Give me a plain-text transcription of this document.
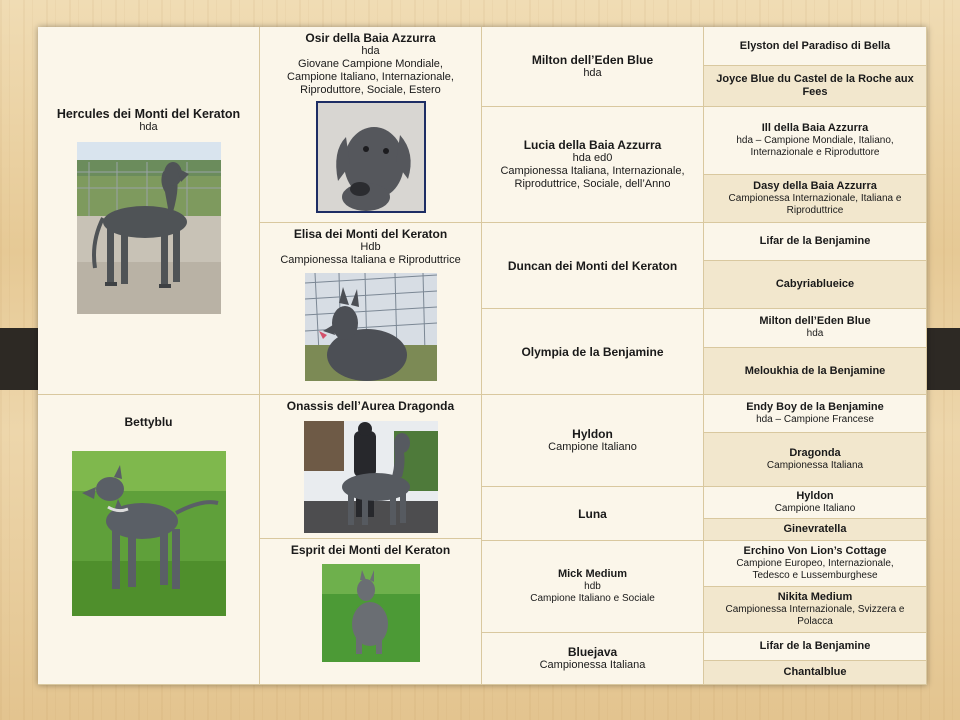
Hercules dei Monti del Keraton
hda
Bettyblu
Osir della Baia Azzurra
hda
Giovane Campione Mondiale,
Campione Italiano, Internazionale,
Riproduttore, Sociale, Estero
Elisa dei Monti del Keraton
Hdb
Campionessa Italiana e Riproduttrice
Onassis dell’Aurea Dragonda
Esprit dei Monti del Keraton
Milton dell’Eden Blue
hda
Lucia della Baia Azzurra
hda ed0
Campionessa Italiana, Internazionale,
Riproduttrice, Sociale, dell’Anno
Duncan dei Monti del Keraton
Olympia de la Benjamine
Hyldon
Campione Italiano
Luna
Mick Medium
hdb
Campione Italiano e Sociale
Bluejava
Campionessa Italiana
Elyston del Paradiso di Bella
Joyce Blue du Castel de la Roche aux Fees
Ill della Baia Azzurra
hda – Campione Mondiale, Italiano,
Internazionale e Riproduttore
Dasy della Baia Azzurra
Campionessa Internazionale, Italiana e
Riproduttrice
Lifar de la Benjamine
Cabyriablueice
Milton dell’Eden Blue
hda
Meloukhia de la Benjamine
Endy Boy de la Benjamine
hda – Campione Francese
Dragonda
Campionessa Italiana
Hyldon
Campione Italiano
Ginevratella
Erchino Von Lion’s Cottage
Campione Europeo, Internazionale,
Tedesco e Lussemburghese
Nikita Medium
Campionessa Internazionale, Svizzera e
Polacca
Lifar de la Benjamine
Chantalblue
